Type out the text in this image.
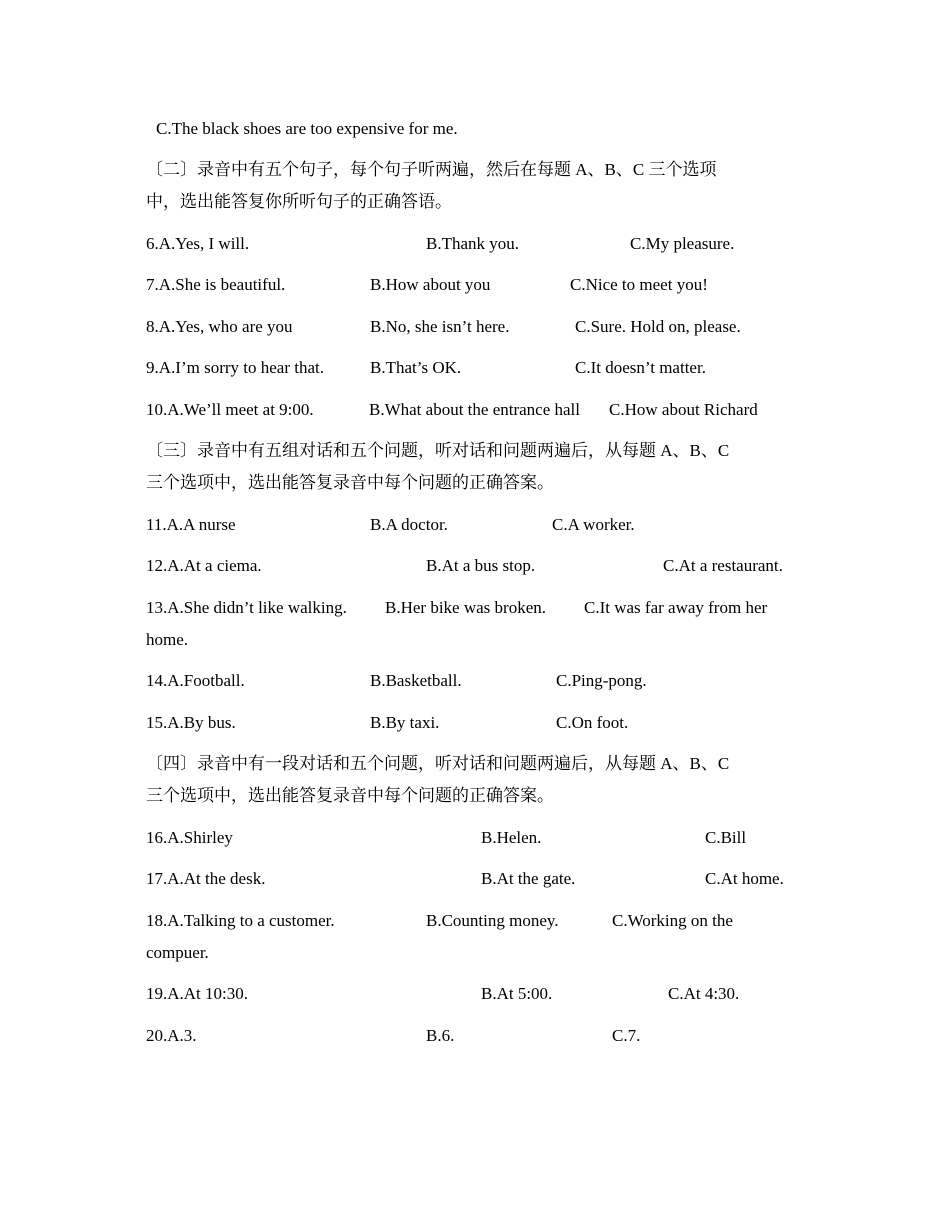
C.The black shoes are too expensive for me.
〔二〕录音中有五个句子，每个句子听两遍，然后在每题 A、B、C 三个选项
中，选出能答复你所听句子的正确答语。
6.A.Yes, I will.	B.Thank you.	C.My pleasure.
7.A.She is beautiful.	B.How about you	C.Nice to meet you!
8.A.Yes, who are you	B.No, she isn’t here.	C.Sure. Hold on, please.
9.A.I’m sorry to hear that.	B.That’s OK.	C.It doesn’t matter.
10.A.We’ll meet at 9:00.	B.What about the entrance hall C.How about Richard
〔三〕录音中有五组对话和五个问题，听对话和问题两遍后，从每题 A、B、C
三个选项中，选出能答复录音中每个问题的正确答案。
11.A.A nurse	B.A doctor.	C.A worker.
12.A.At a ciema.	B.At a bus stop.	C.At a restaurant.
13.A.She didn’t like walking. B.Her bike was broken. C.It was far away from her
home.
14.A.Football.	B.Basketball.	C.Ping-pong.
15.A.By bus.	B.By taxi.	C.On foot.
〔四〕录音中有一段对话和五个问题，听对话和问题两遍后，从每题 A、B、C
三个选项中，选出能答复录音中每个问题的正确答案。
16.A.Shirley	B.Helen.	C.Bill
17.A.At the desk.	B.At the gate.	C.At home.
18.A.Talking to a customer.	B.Counting money.	C.Working on the
compuer.
19.A.At 10:30.	B.At 5:00.	C.At 4:30.
20.A.3.	B.6.	C.7.
